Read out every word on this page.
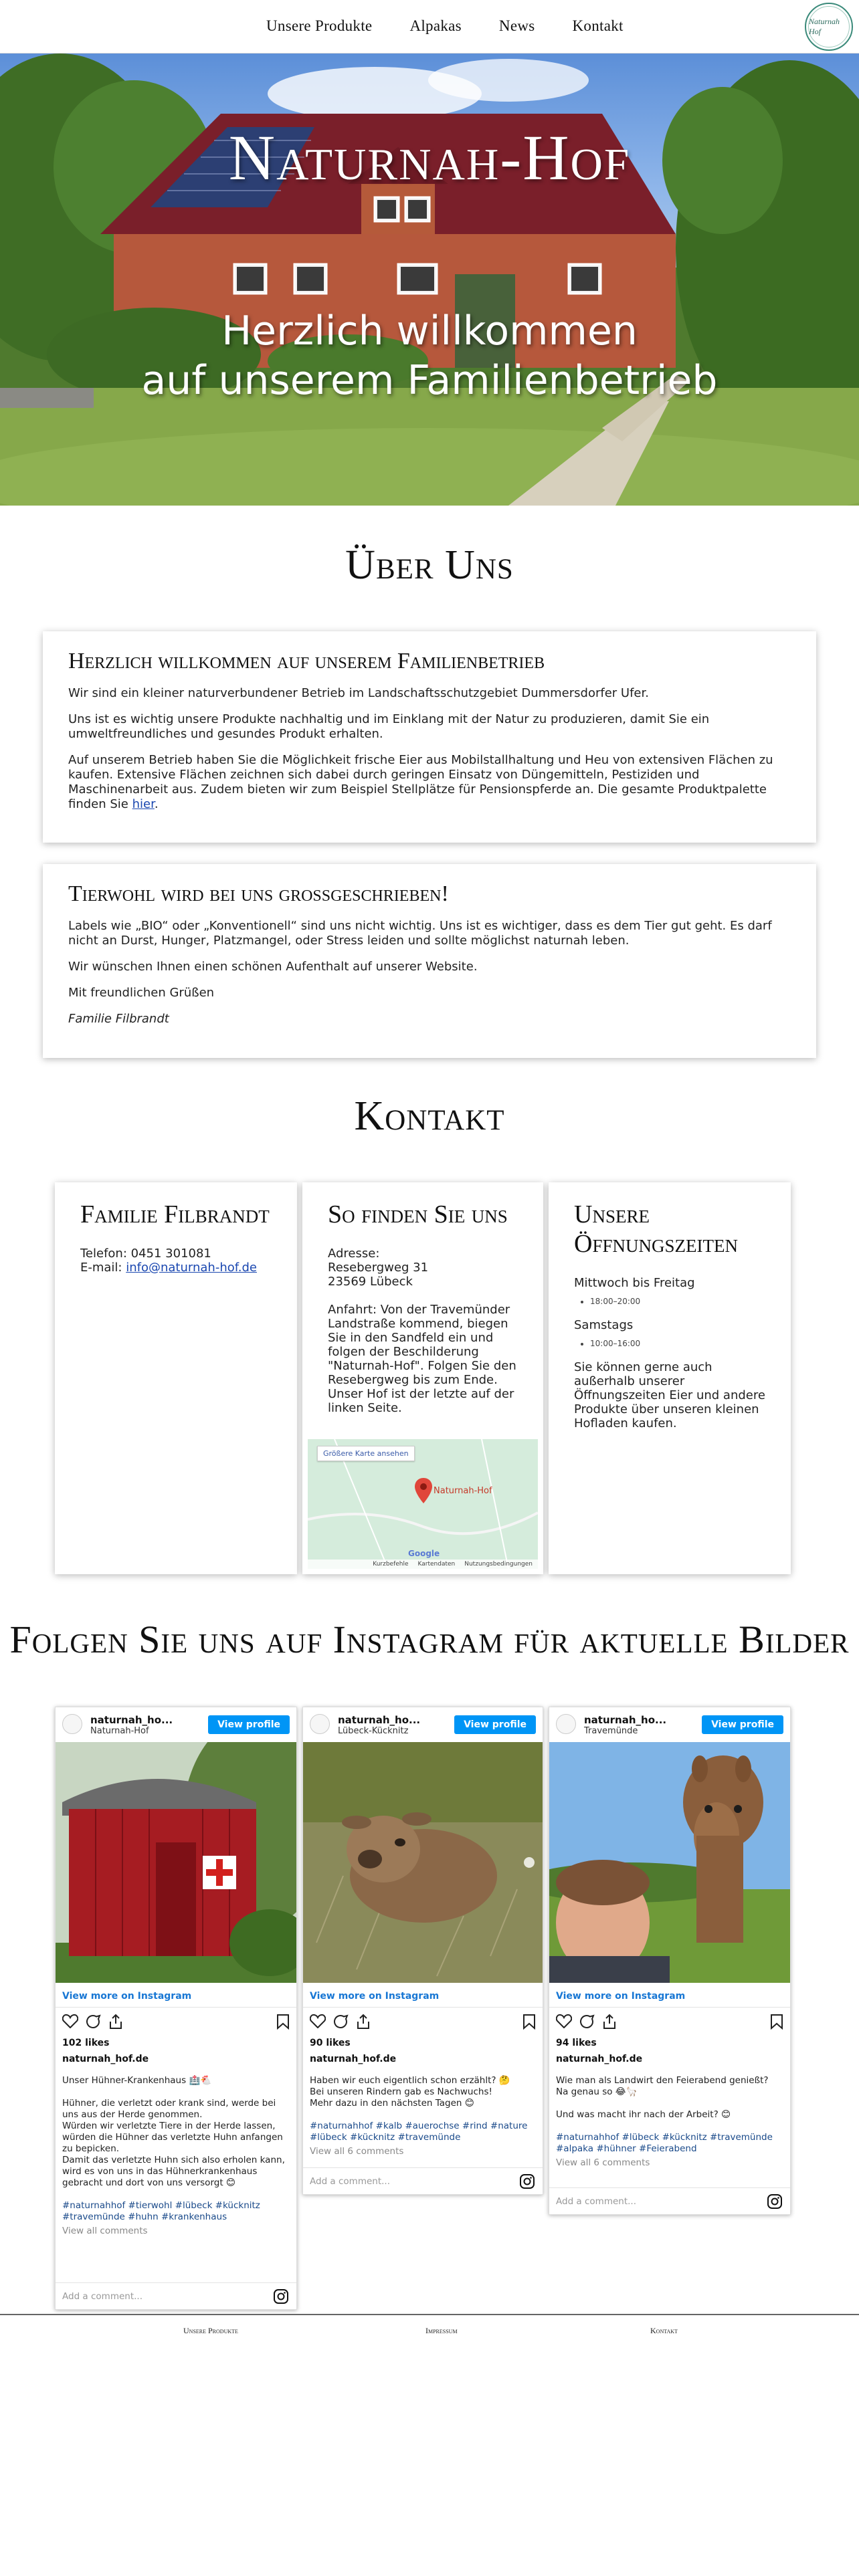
Unsere Produkte Alpakas News Kontakt	Naturnah Hof
Naturnah-Hof
Herzlich willkommen
auf unserem Familienbetrieb
Über Uns
Herzlich willkommen auf unserem Familienbetrieb

Wir sind ein kleiner naturverbundener Betrieb im Landschaftsschutzgebiet Dummersdorfer Ufer.

Uns ist es wichtig unsere Produkte nachhaltig und im Einklang mit der Natur zu produzieren, damit Sie ein umweltfreundliches und gesundes Produkt erhalten.

Auf unserem Betrieb haben Sie die Möglichkeit frische Eier aus Mobilstallhaltung und Heu von extensiven Flächen zu kaufen. Extensive Flächen zeichnen sich dabei durch geringen Einsatz von Düngemitteln, Pestiziden und Maschinenarbeit aus. Zudem bieten wir zum Beispiel Stellplätze für Pensionspferde an. Die gesamte Produktpalette finden Sie hier.

Tierwohl wird bei uns großgeschrieben!

Labels wie „BIO“ oder „Konventionell“ sind uns nicht wichtig. Uns ist es wichtiger, dass es dem Tier gut geht. Es darf nicht an Durst, Hunger, Platzmangel, oder Stress leiden und sollte möglichst naturnah leben.

Wir wünschen Ihnen einen schönen Aufenthalt auf unserer Website.

Mit freundlichen Grüßen

Familie Filbrandt

Kontakt
Familie Filbrandt
Telefon: 0451 301081
E-mail: info@naturnah-hof.de
So finden Sie uns
Adresse:
Resebergweg 31
23569 Lübeck
Anfahrt: Von der Travemünder Landstraße kommend, biegen Sie in den Sandfeld ein und folgen der Beschilderung "Naturnah-Hof". Folgen Sie den Resebergweg bis zum Ende. Unser Hof ist der letzte auf der linken Seite.
Größere Karte ansehen
Naturnah-Hof
Google
Kurzbefehle Kartendaten Nutzungsbedingungen
Unsere Öffnungszeiten
Mittwoch bis Freitag
• 18:00–20:00
Samstags
• 10:00–16:00
Sie können gerne auch außerhalb unserer Öffnungszeiten Eier und andere Produkte über unseren kleinen Hofladen kaufen.
Folgen Sie uns auf Instagram für aktuelle Bilder
naturnah_ho...
Naturnah-Hof
View profile
View more on Instagram
102 likes
naturnah_hof.de
Unser Hühner-Krankenhaus 🏥🐔

Hühner, die verletzt oder krank sind, werde bei uns aus der Herde genommen.
Würden wir verletzte Tiere in der Herde lassen, würden die Hühner das verletzte Huhn anfangen zu bepicken.
Damit das verletzte Huhn sich also erholen kann, wird es von uns in das Hühnerkrankenhaus gebracht und dort von uns versorgt 😊
#naturnahhof #tierwohl #lübeck #kücknitz #travemünde #huhn #krankenhaus
View all comments
Add a comment...
naturnah_ho...
Lübeck-Kücknitz
View profile
View more on Instagram
90 likes
naturnah_hof.de
Haben wir euch eigentlich schon erzählt? 🤔
Bei unseren Rindern gab es Nachwuchs!
Mehr dazu in den nächsten Tagen 😊
#naturnahhof #kalb #auerochse #rind #nature #lübeck #kücknitz #travemünde
View all 6 comments
Add a comment...
naturnah_ho...
Travemünde
View profile
View more on Instagram
94 likes
naturnah_hof.de
Wie man als Landwirt den Feierabend genießt? Na genau so 😂🦙

Und was macht ihr nach der Arbeit? 😊
#naturnahhof #lübeck #kücknitz #travemünde #alpaka #hühner #Feierabend
View all 6 comments
Add a comment...
Unsere Produkte	Impressum	Kontakt
